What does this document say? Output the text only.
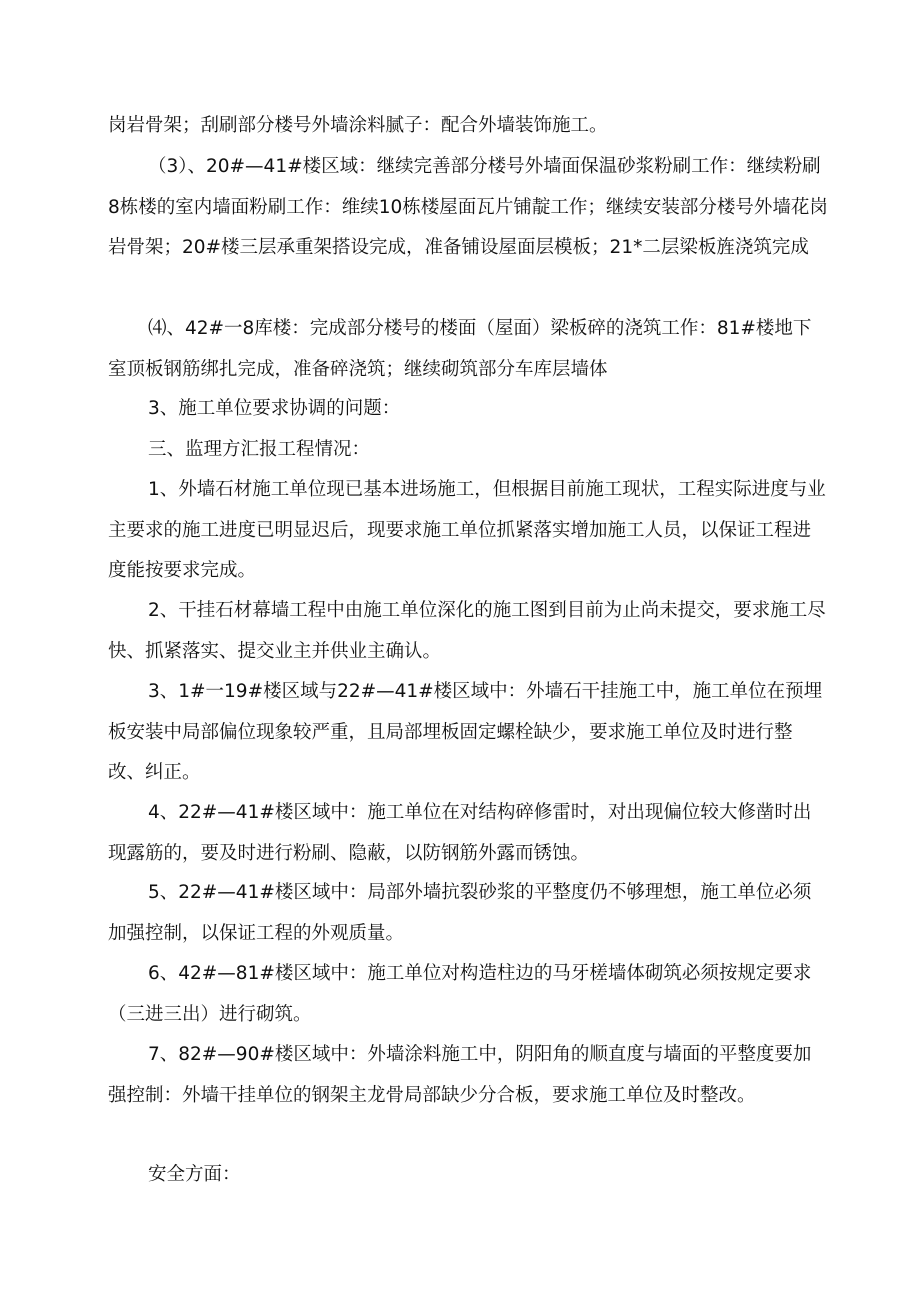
岗岩骨架；刮刷部分楼号外墙涂料腻子：配合外墙装饰施工。

（3）、20#—41#楼区域：继续完善部分楼号外墙面保温砂浆粉刷工作：继续粉刷8栋楼的室内墙面粉刷工作：维续10栋楼屋面瓦片铺靛工作；继续安装部分楼号外墙花岗岩骨架；20#楼三层承重架搭设完成，准备铺设屋面层模板；21*二层梁板旌浇筑完成

⑷、42#一8库楼：完成部分楼号的楼面（屋面）梁板碎的浇筑工作：81#楼地下室顶板钢筋绑扎完成，准备碎浇筑；继续砌筑部分车库层墙体

3、施工单位要求协调的问题：

三、监理方汇报工程情况：

1、外墙石材施工单位现已基本进场施工，但根据目前施工现状，工程实际进度与业主要求的施工进度已明显迟后，现要求施工单位抓紧落实增加施工人员，以保证工程进度能按要求完成。

2、干挂石材幕墙工程中由施工单位深化的施工图到目前为止尚未提交，要求施工尽快、抓紧落实、提交业主并供业主确认。

3、1#一19#楼区域与22#—41#楼区域中：外墙石干挂施工中，施工单位在预埋板安装中局部偏位现象较严重，且局部埋板固定螺栓缺少，要求施工单位及时进行整改、纠正。

4、22#—41#楼区域中：施工单位在对结构碎修雷时，对出现偏位较大修凿时出现露筋的，要及时进行粉刷、隐蔽，以防钢筋外露而锈蚀。

5、22#—41#楼区域中：局部外墙抗裂砂浆的平整度仍不够理想，施工单位必须加强控制，以保证工程的外观质量。

6、42#—81#楼区域中：施工单位对构造柱边的马牙槎墙体砌筑必须按规定要求（三进三出）进行砌筑。

7、82#—90#楼区域中：外墙涂料施工中，阴阳角的顺直度与墙面的平整度要加强控制：外墙干挂单位的钢架主龙骨局部缺少分合板，要求施工单位及时整改。

安全方面：
